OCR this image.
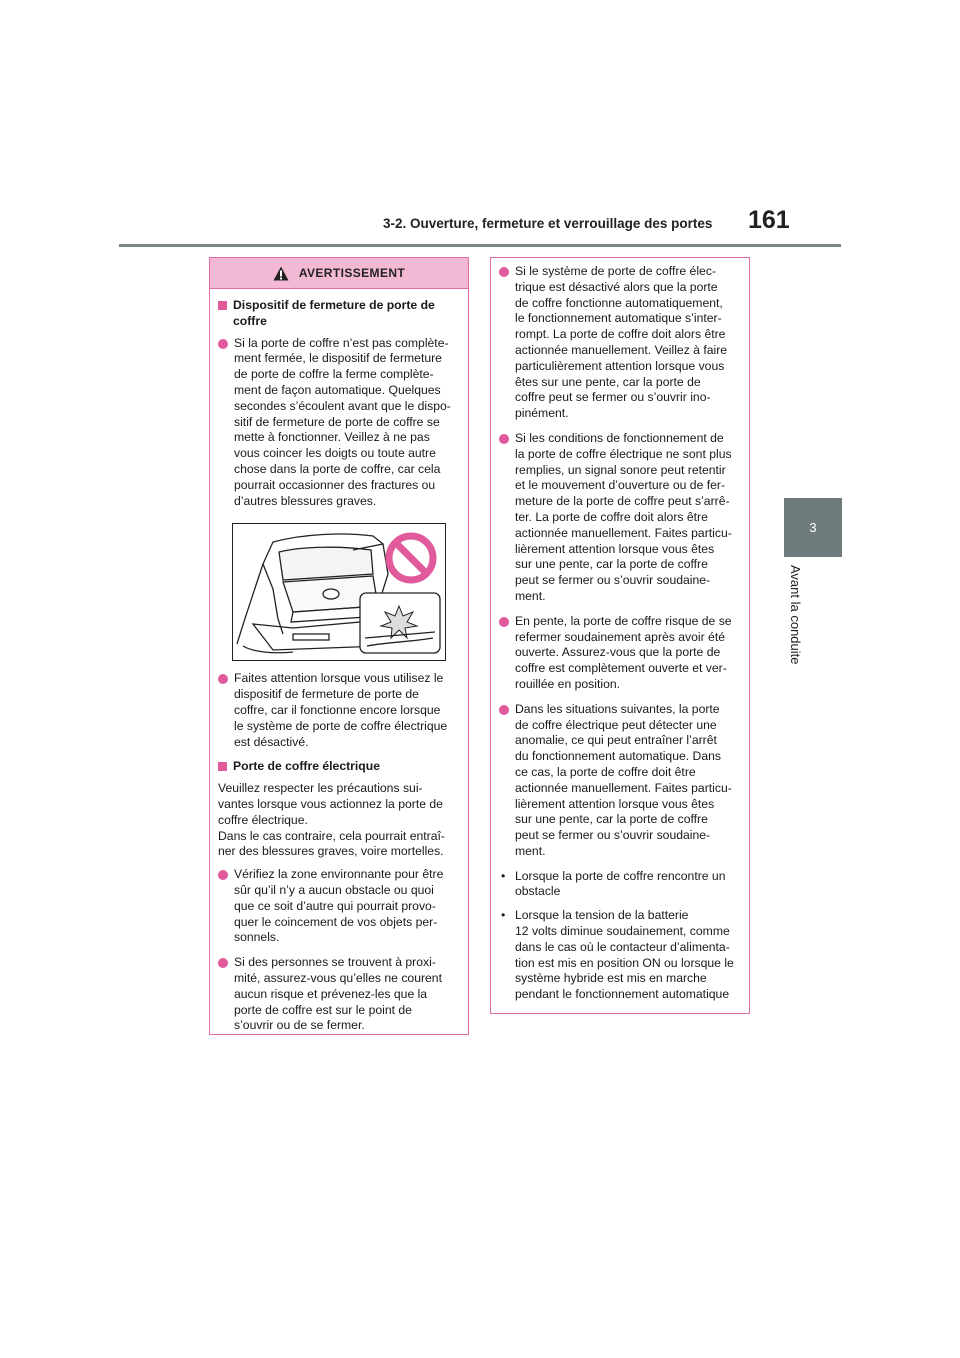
3-2. Ouverture, fermeture et verrouillage des portes 161
3
Avant la conduite
AVERTISSEMENT
Dispositif de fermeture de porte de
coffre
Si la porte de coffre n’est pas complète-
ment fermée, le dispositif de fermeture
de porte de coffre la ferme complète-
ment de façon automatique. Quelques
secondes s’écoulent avant que le dispo-
sitif de fermeture de porte de coffre se
mette à fonctionner. Veillez à ne pas
vous coincer les doigts ou toute autre
chose dans la porte de coffre, car cela
pourrait occasionner des fractures ou
d’autres blessures graves.
Faites attention lorsque vous utilisez le
dispositif de fermeture de porte de
coffre, car il fonctionne encore lorsque
le système de porte de coffre électrique
est désactivé.
Porte de coffre électrique
Veuillez respecter les précautions sui-
vantes lorsque vous actionnez la porte de
coffre électrique.
Dans le cas contraire, cela pourrait entraî-
ner des blessures graves, voire mortelles.
Vérifiez la zone environnante pour être
sûr qu’il n’y a aucun obstacle ou quoi
que ce soit d’autre qui pourrait provo-
quer le coincement de vos objets per-
sonnels.
Si des personnes se trouvent à proxi-
mité, assurez-vous qu’elles ne courent
aucun risque et prévenez-les que la
porte de coffre est sur le point de
s’ouvrir ou de se fermer.
Si le système de porte de coffre élec-
trique est désactivé alors que la porte
de coffre fonctionne automatiquement,
le fonctionnement automatique s’inter-
rompt. La porte de coffre doit alors être
actionnée manuellement. Veillez à faire
particulièrement attention lorsque vous
êtes sur une pente, car la porte de
coffre peut se fermer ou s’ouvrir ino-
pinément.
Si les conditions de fonctionnement de
la porte de coffre électrique ne sont plus
remplies, un signal sonore peut retentir
et le mouvement d’ouverture ou de fer-
meture de la porte de coffre peut s’arrê-
ter. La porte de coffre doit alors être
actionnée manuellement. Faites particu-
lièrement attention lorsque vous êtes
sur une pente, car la porte de coffre
peut se fermer ou s’ouvrir soudaine-
ment.
En pente, la porte de coffre risque de se
refermer soudainement après avoir été
ouverte. Assurez-vous que la porte de
coffre est complètement ouverte et ver-
rouillée en position.
Dans les situations suivantes, la porte
de coffre électrique peut détecter une
anomalie, ce qui peut entraîner l’arrêt
du fonctionnement automatique. Dans
ce cas, la porte de coffre doit être
actionnée manuellement. Faites particu-
lièrement attention lorsque vous êtes
sur une pente, car la porte de coffre
peut se fermer ou s’ouvrir soudaine-
ment.
• Lorsque la porte de coffre rencontre un
obstacle
• Lorsque la tension de la batterie
12 volts diminue soudainement, comme
dans le cas où le contacteur d’alimenta-
tion est mis en position ON ou lorsque le
système hybride est mis en marche
pendant le fonctionnement automatique
